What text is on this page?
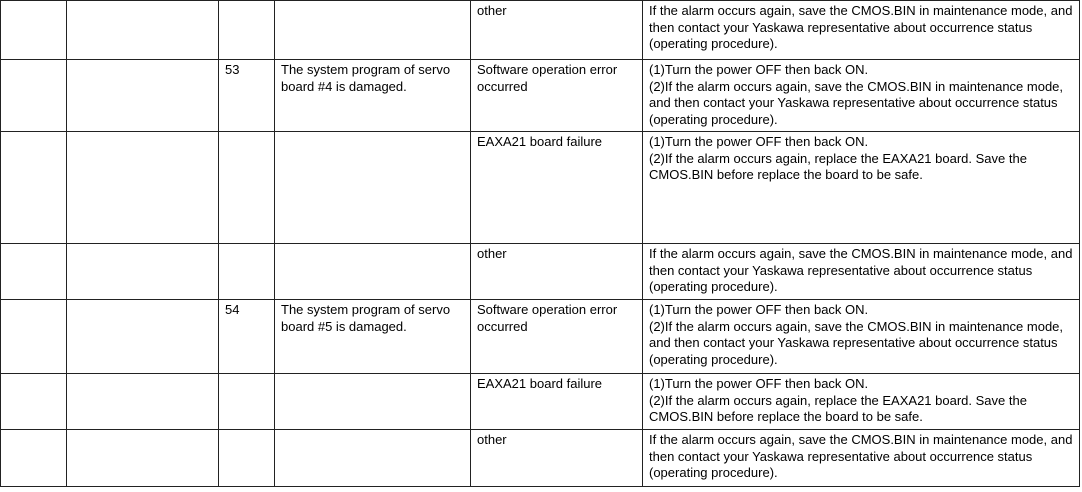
				other	If the alarm occurs again, save the CMOS.BIN in maintenance mode, and then contact your Yaskawa representative about occurrence status (operating procedure).
		53	The system program of servo board #4 is damaged.	Software operation error occurred	(1)Turn the power OFF then back ON.
(2)If the alarm occurs again, save the CMOS.BIN in maintenance mode, and then contact your Yaskawa representative about occurrence status (operating procedure).
				EAXA21 board failure	(1)Turn the power OFF then back ON.
(2)If the alarm occurs again, replace the EAXA21 board. Save the CMOS.BIN before replace the board to be safe.
				other	If the alarm occurs again, save the CMOS.BIN in maintenance mode, and then contact your Yaskawa representative about occurrence status (operating procedure).
		54	The system program of servo board #5 is damaged.	Software operation error occurred	(1)Turn the power OFF then back ON.
(2)If the alarm occurs again, save the CMOS.BIN in maintenance mode, and then contact your Yaskawa representative about occurrence status (operating procedure).
				EAXA21 board failure	(1)Turn the power OFF then back ON.
(2)If the alarm occurs again, replace the EAXA21 board. Save the CMOS.BIN before replace the board to be safe.
				other	If the alarm occurs again, save the CMOS.BIN in maintenance mode, and then contact your Yaskawa representative about occurrence status (operating procedure).
